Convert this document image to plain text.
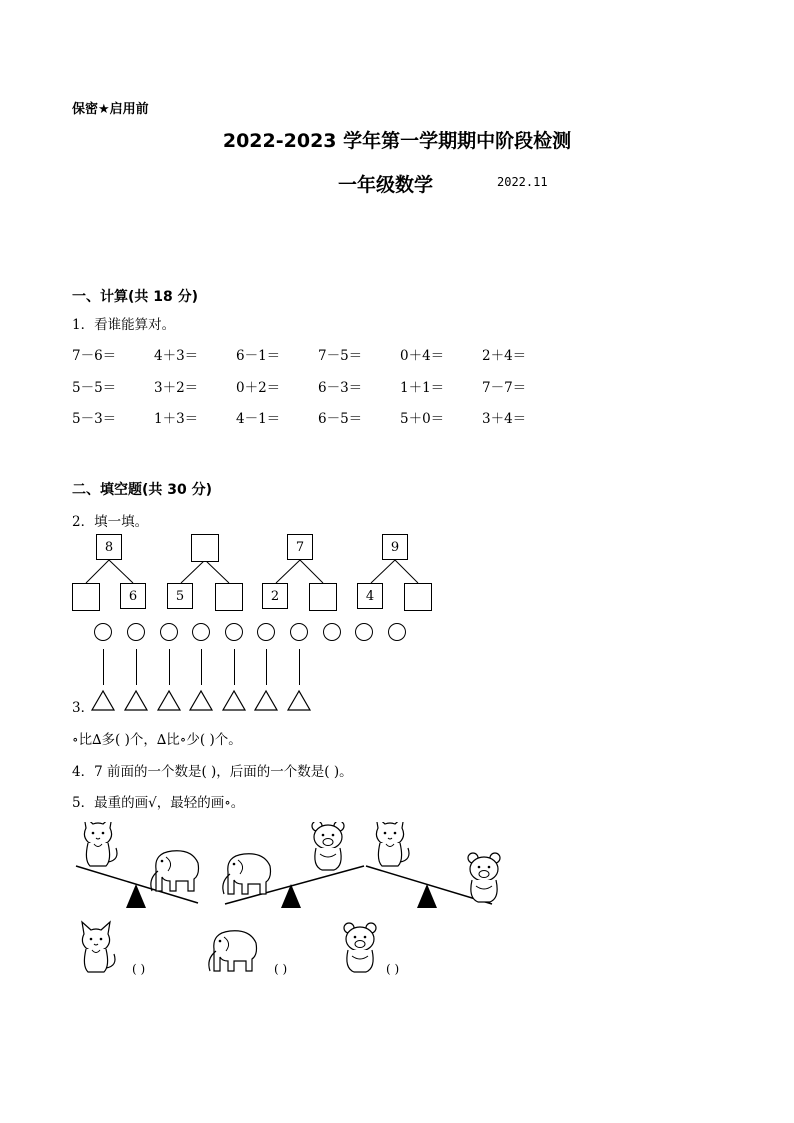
保密★启用前
2022-2023 学年第一学期期中阶段检测
一年级数学	2022.11
一、计算(共 18 分)
1．看谁能算对。
7－6＝	4＋3＝	6－1＝	7－5＝	0＋4＝	2＋4＝
5－5＝	3＋2＝	0＋2＝	6－3＝	1＋1＝	7－7＝
5－3＝	1＋3＝	4－1＝	6－5＝	5＋0＝	3＋4＝
二、填空题(共 30 分)
2．填一填。
8
6	5
7
2
9
4
3．
∘比∆多( )个，∆比∘少( )个。
4．7 前面的一个数是( )，后面的一个数是( )。
5．最重的画√，最轻的画∘。
( )	( )	( )
